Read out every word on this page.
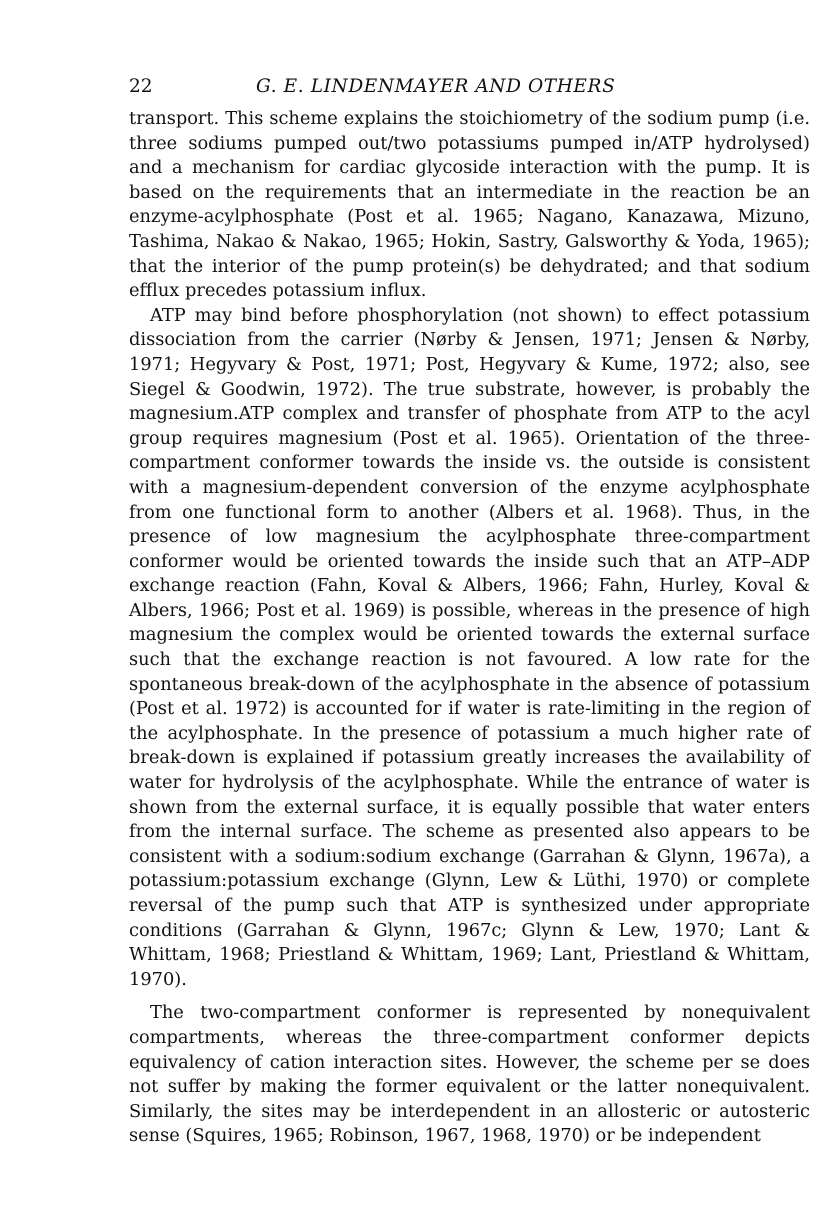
22	G. E. LINDENMAYER AND OTHERS

transport. This scheme explains the stoichiometry of the sodium pump (i.e. three sodiums pumped out/two potassiums pumped in/ATP hydrolysed) and a mechanism for cardiac glycoside interaction with the pump. It is based on the requirements that an intermediate in the reaction be an enzyme-acylphosphate (Post et al. 1965; Nagano, Kanazawa, Mizuno, Tashima, Nakao & Nakao, 1965; Hokin, Sastry, Galsworthy & Yoda, 1965); that the interior of the pump protein(s) be dehydrated; and that sodium efflux precedes potassium influx.

ATP may bind before phosphorylation (not shown) to effect potassium dissociation from the carrier (Nørby & Jensen, 1971; Jensen & Nørby, 1971; Hegyvary & Post, 1971; Post, Hegyvary & Kume, 1972; also, see Siegel & Goodwin, 1972). The true substrate, however, is probably the magnesium.ATP complex and transfer of phosphate from ATP to the acyl group requires magnesium (Post et al. 1965). Orientation of the three-compartment conformer towards the inside vs. the outside is consistent with a magnesium-dependent conversion of the enzyme acylphosphate from one functional form to another (Albers et al. 1968). Thus, in the presence of low magnesium the acylphosphate three-compartment conformer would be oriented towards the inside such that an ATP–ADP exchange reaction (Fahn, Koval & Albers, 1966; Fahn, Hurley, Koval & Albers, 1966; Post et al. 1969) is possible, whereas in the presence of high magnesium the complex would be oriented towards the external surface such that the exchange reaction is not favoured. A low rate for the spontaneous break-down of the acylphosphate in the absence of potassium (Post et al. 1972) is accounted for if water is rate-limiting in the region of the acylphosphate. In the presence of potassium a much higher rate of break-down is explained if potassium greatly increases the availability of water for hydrolysis of the acylphosphate. While the entrance of water is shown from the external surface, it is equally possible that water enters from the internal surface. The scheme as presented also appears to be consistent with a sodium:sodium exchange (Garrahan & Glynn, 1967a), a potassium:potassium exchange (Glynn, Lew & Lüthi, 1970) or complete reversal of the pump such that ATP is synthesized under appropriate conditions (Garrahan & Glynn, 1967c; Glynn & Lew, 1970; Lant & Whittam, 1968; Priestland & Whittam, 1969; Lant, Priestland & Whittam, 1970).

The two-compartment conformer is represented by nonequivalent compartments, whereas the three-compartment conformer depicts equivalency of cation interaction sites. However, the scheme per se does not suffer by making the former equivalent or the latter nonequivalent. Similarly, the sites may be interdependent in an allosteric or autosteric sense (Squires, 1965; Robinson, 1967, 1968, 1970) or be independent
